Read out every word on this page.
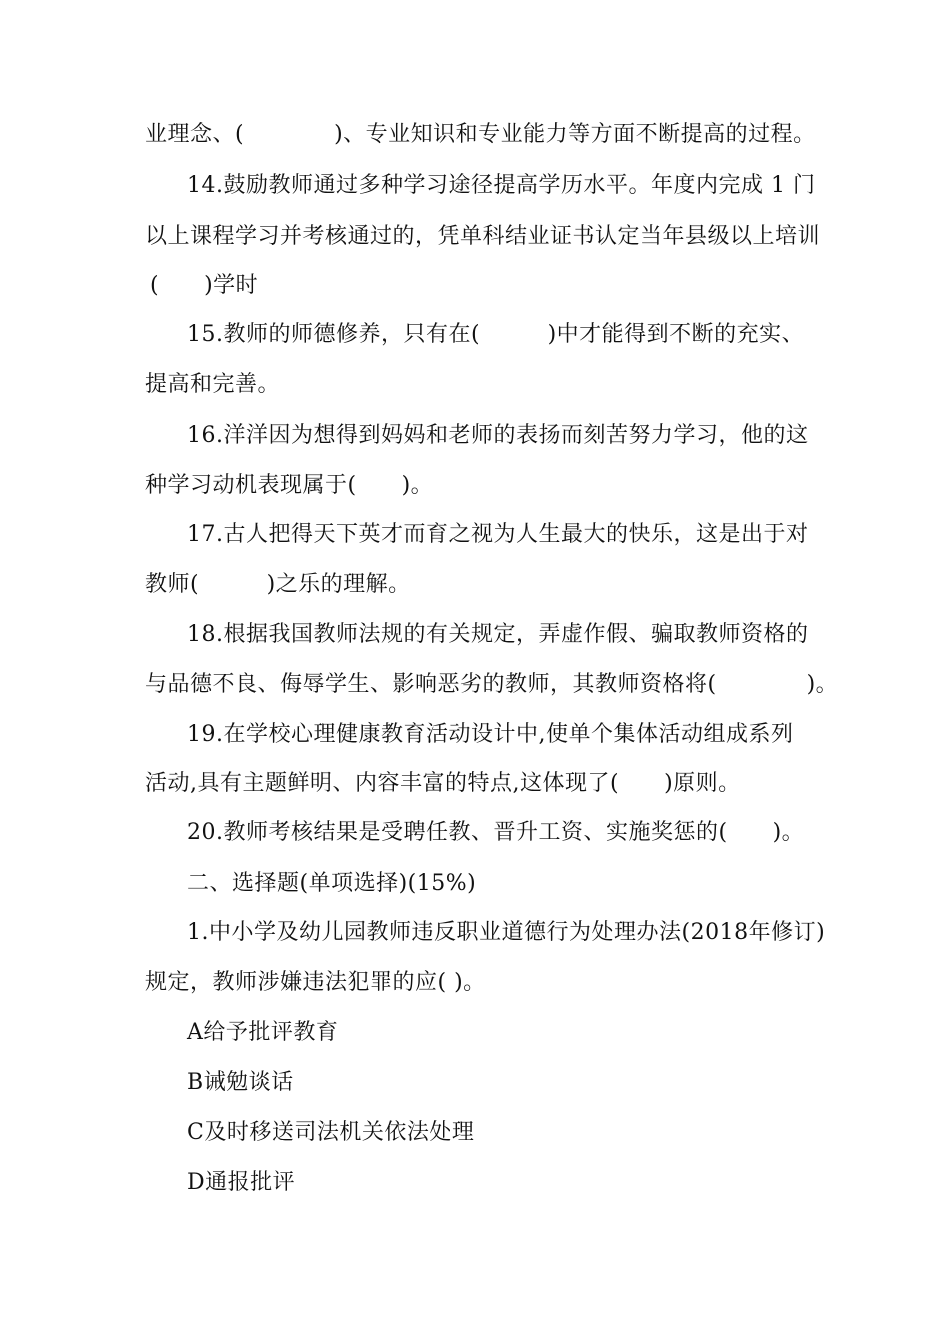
业理念、(　　　　)、专业知识和专业能力等方面不断提高的过程。
14.鼓励教师通过多种学习途径提高学历水平。年度内完成 1 门
以上课程学习并考核通过的，凭单科结业证书认定当年县级以上培训
(　　)学时
15.教师的师德修养，只有在(　　　)中才能得到不断的充实、
提高和完善。
16.洋洋因为想得到妈妈和老师的表扬而刻苦努力学习，他的这
种学习动机表现属于(　　)。
17.古人把得天下英才而育之视为人生最大的快乐，这是出于对
教师(　　　)之乐的理解。
18.根据我国教师法规的有关规定，弄虚作假、骗取教师资格的
与品德不良、侮辱学生、影响恶劣的教师，其教师资格将(　　　　)。
19.在学校心理健康教育活动设计中,使单个集体活动组成系列
活动,具有主题鲜明、内容丰富的特点,这体现了(　　)原则。
20.教师考核结果是受聘任教、晋升工资、实施奖惩的(　　)。
二、选择题(单项选择)(15%)
1.中小学及幼儿园教师违反职业道德行为处理办法(2018年修订)
规定，教师涉嫌违法犯罪的应( )。
A给予批评教育
B诫勉谈话
C及时移送司法机关依法处理
D通报批评
